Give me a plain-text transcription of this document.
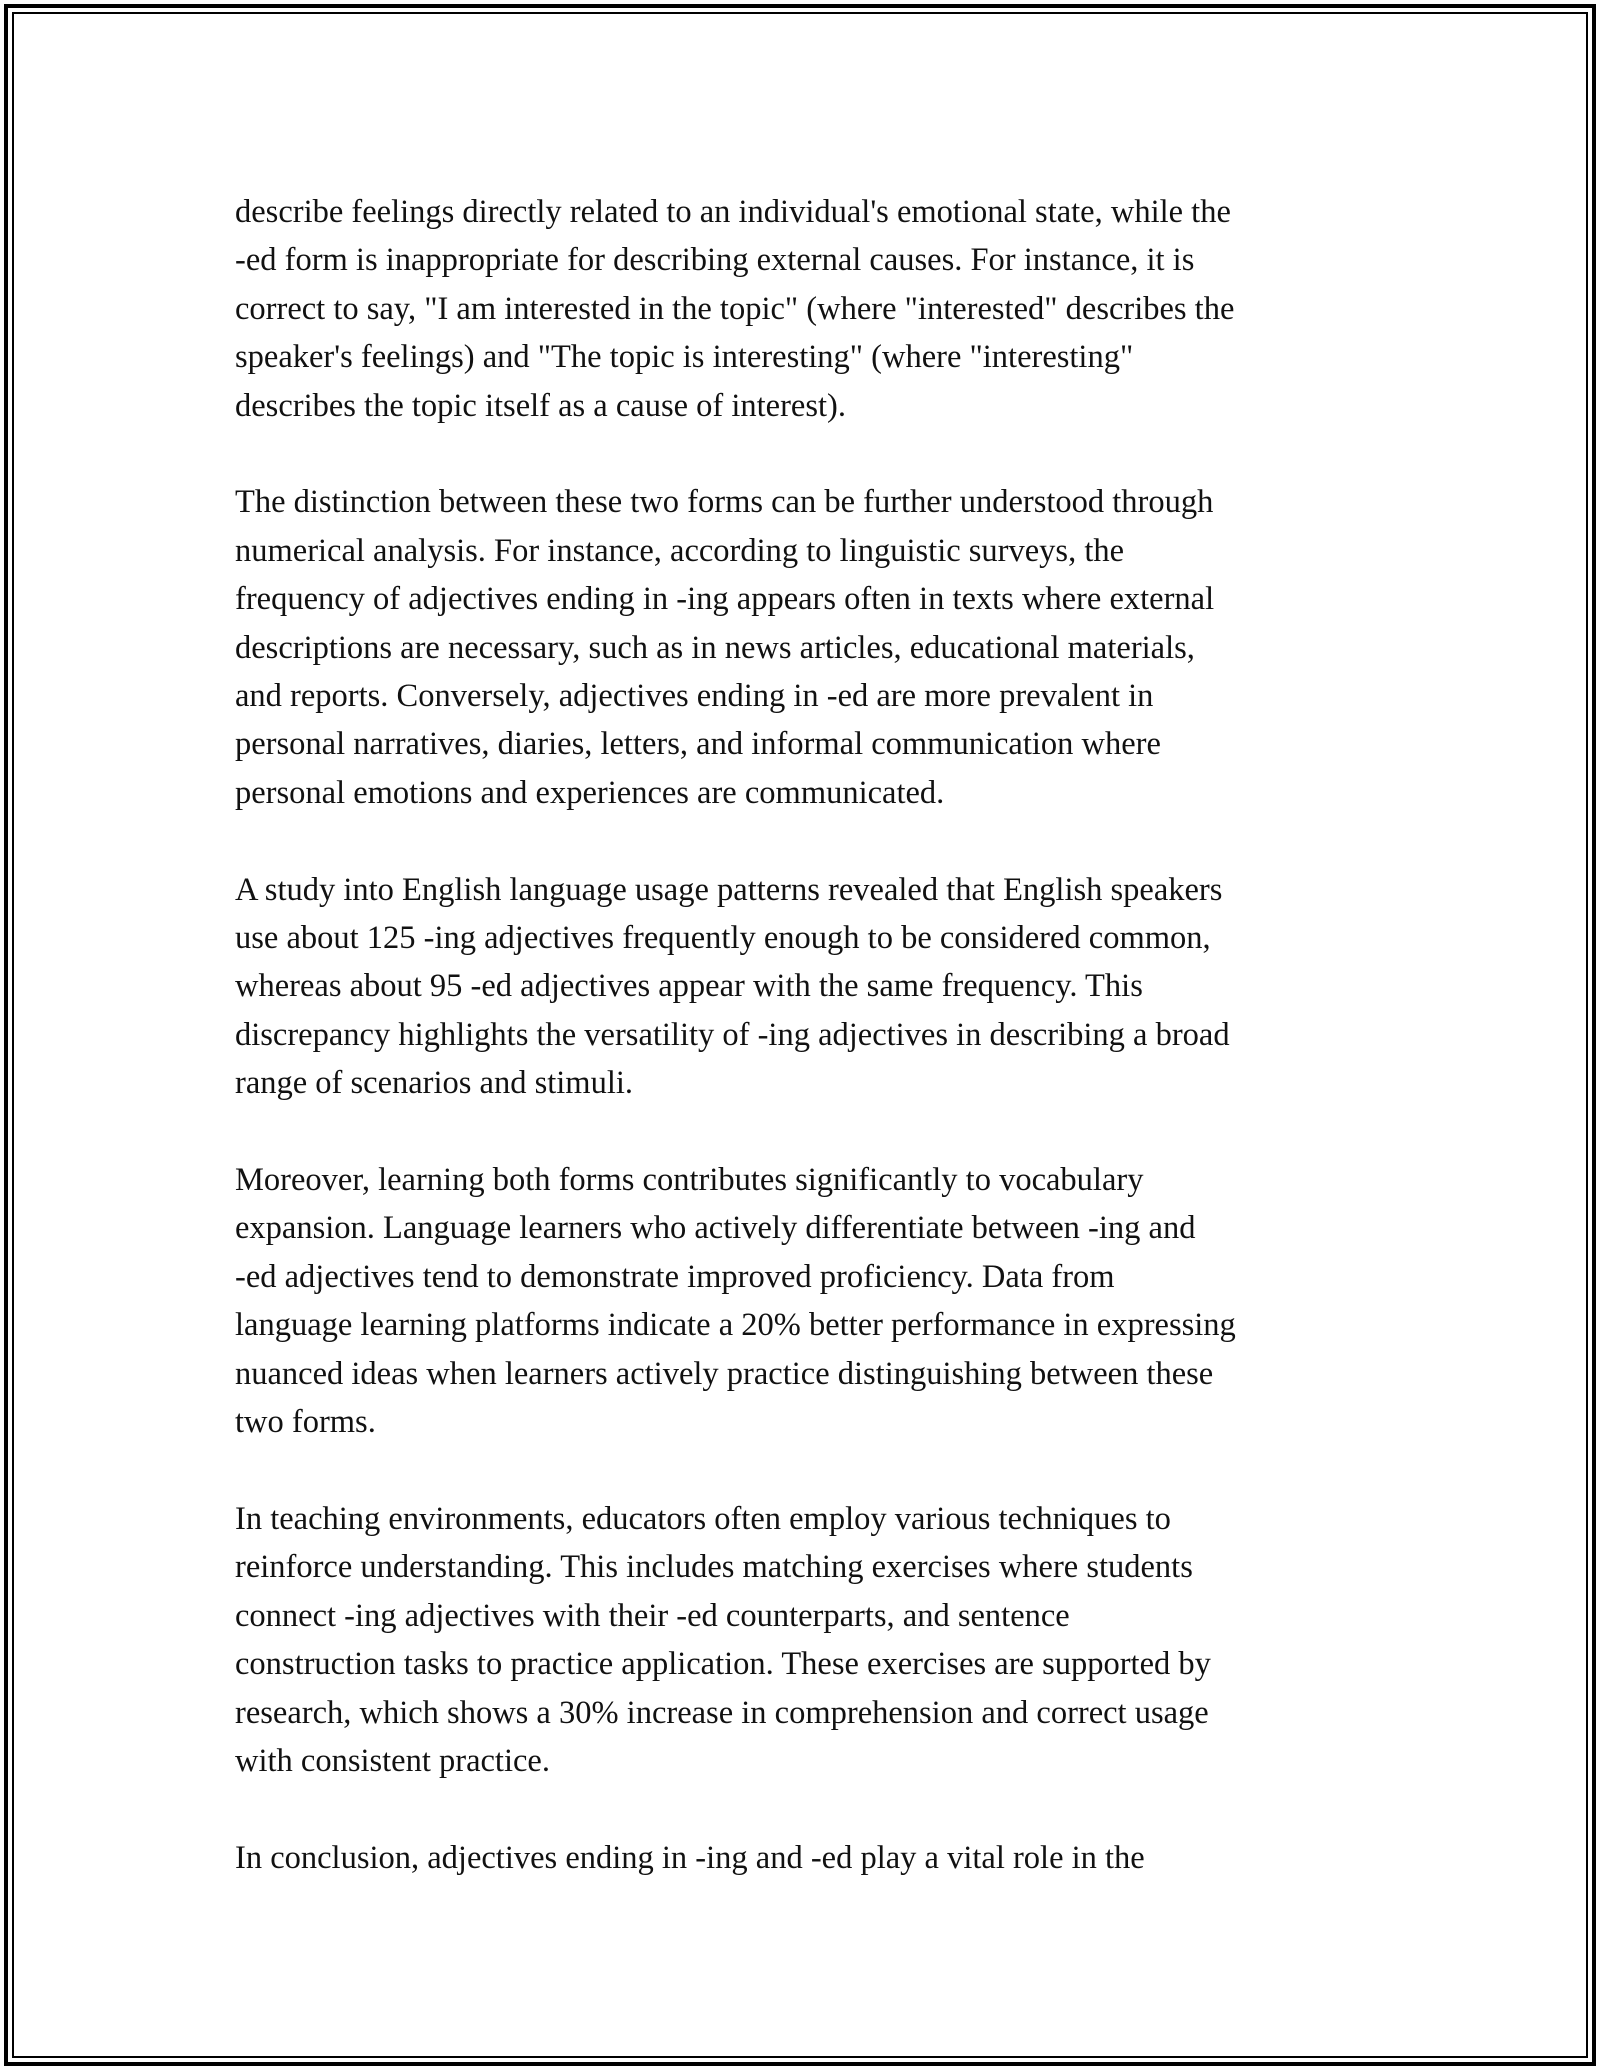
describe feelings directly related to an individual's emotional state, while the
-ed form is inappropriate for describing external causes. For instance, it is
correct to say, "I am interested in the topic" (where "interested" describes the
speaker's feelings) and "The topic is interesting" (where "interesting"
describes the topic itself as a cause of interest).

The distinction between these two forms can be further understood through
numerical analysis. For instance, according to linguistic surveys, the
frequency of adjectives ending in -ing appears often in texts where external
descriptions are necessary, such as in news articles, educational materials,
and reports. Conversely, adjectives ending in -ed are more prevalent in
personal narratives, diaries, letters, and informal communication where
personal emotions and experiences are communicated.

A study into English language usage patterns revealed that English speakers
use about 125 -ing adjectives frequently enough to be considered common,
whereas about 95 -ed adjectives appear with the same frequency. This
discrepancy highlights the versatility of -ing adjectives in describing a broad
range of scenarios and stimuli.

Moreover, learning both forms contributes significantly to vocabulary
expansion. Language learners who actively differentiate between -ing and
-ed adjectives tend to demonstrate improved proficiency. Data from
language learning platforms indicate a 20% better performance in expressing
nuanced ideas when learners actively practice distinguishing between these
two forms.

In teaching environments, educators often employ various techniques to
reinforce understanding. This includes matching exercises where students
connect -ing adjectives with their -ed counterparts, and sentence
construction tasks to practice application. These exercises are supported by
research, which shows a 30% increase in comprehension and correct usage
with consistent practice.

In conclusion, adjectives ending in -ing and -ed play a vital role in the
